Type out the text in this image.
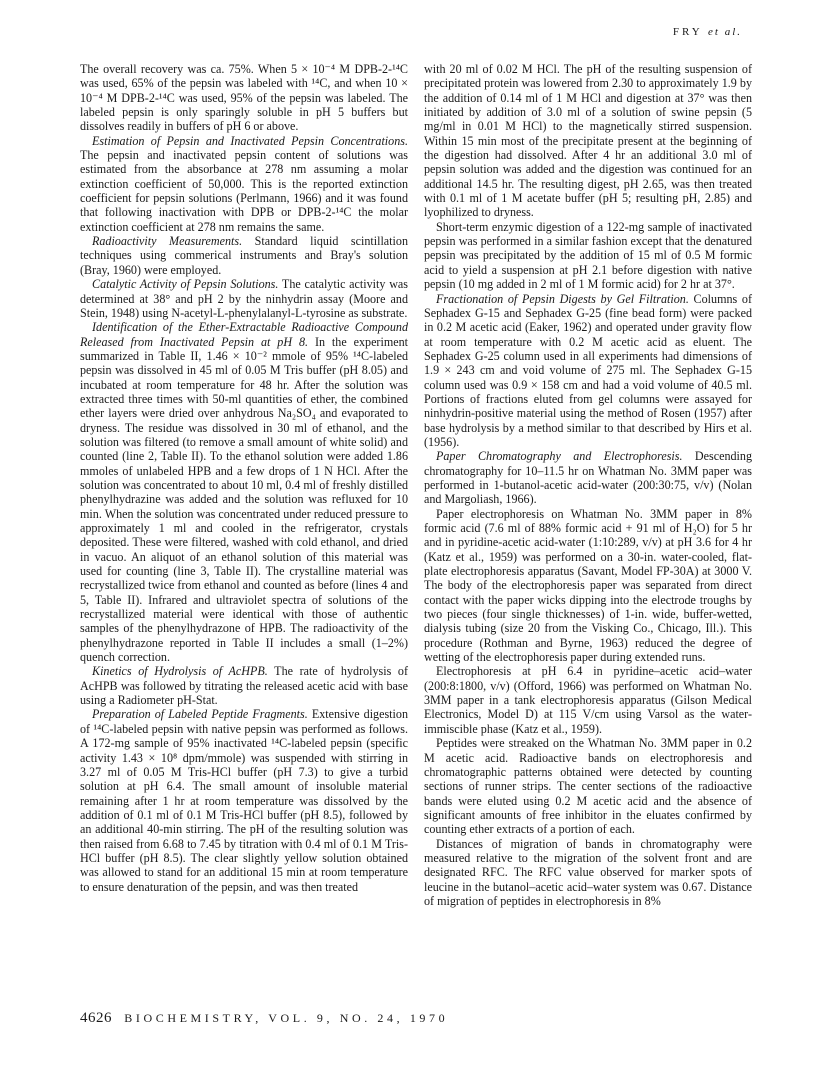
FRY et al.

The overall recovery was ca. 75%. When 5 × 10⁻⁴ M DPB-2-¹⁴C was used, 65% of the pepsin was labeled with ¹⁴C, and when 10 × 10⁻⁴ M DPB-2-¹⁴C was used, 95% of the pepsin was labeled. The labeled pepsin is only sparingly soluble in pH 5 buffers but dissolves readily in buffers of pH 6 or above.

Estimation of Pepsin and Inactivated Pepsin Concentrations. The pepsin and inactivated pepsin content of solutions was estimated from the absorbance at 278 nm assuming a molar extinction coefficient of 50,000. This is the reported extinction coefficient for pepsin solutions (Perlmann, 1966) and it was found that following inactivation with DPB or DPB-2-¹⁴C the molar extinction coefficient at 278 nm remains the same.

Radioactivity Measurements. Standard liquid scintillation techniques using commerical instruments and Bray's solution (Bray, 1960) were employed.

Catalytic Activity of Pepsin Solutions. The catalytic activity was determined at 38° and pH 2 by the ninhydrin assay (Moore and Stein, 1948) using N-acetyl-L-phenylalanyl-L-tyrosine as substrate.

Identification of the Ether-Extractable Radioactive Compound Released from Inactivated Pepsin at pH 8. In the experiment summarized in Table II, 1.46 × 10⁻² mmole of 95% ¹⁴C-labeled pepsin was dissolved in 45 ml of 0.05 M Tris buffer (pH 8.05) and incubated at room temperature for 48 hr. After the solution was extracted three times with 50-ml quantities of ether, the combined ether layers were dried over anhydrous Na₂SO₄ and evaporated to dryness. The residue was dissolved in 30 ml of ethanol, and the solution was filtered (to remove a small amount of white solid) and counted (line 2, Table II). To the ethanol solution were added 1.86 mmoles of unlabeled HPB and a few drops of 1 N HCl. After the solution was concentrated to about 10 ml, 0.4 ml of freshly distilled phenylhydrazine was added and the solution was refluxed for 10 min. When the solution was concentrated under reduced pressure to approximately 1 ml and cooled in the refrigerator, crystals deposited. These were filtered, washed with cold ethanol, and dried in vacuo. An aliquot of an ethanol solution of this material was used for counting (line 3, Table II). The crystalline material was recrystallized twice from ethanol and counted as before (lines 4 and 5, Table II). Infrared and ultraviolet spectra of solutions of the recrystallized material were identical with those of authentic samples of the phenylhydrazone of HPB. The radioactivity of the phenylhydrazone reported in Table II includes a small (1–2%) quench correction.

Kinetics of Hydrolysis of AcHPB. The rate of hydrolysis of AcHPB was followed by titrating the released acetic acid with base using a Radiometer pH-Stat.

Preparation of Labeled Peptide Fragments. Extensive digestion of ¹⁴C-labeled pepsin with native pepsin was performed as follows. A 172-mg sample of 95% inactivated ¹⁴C-labeled pepsin (specific activity 1.43 × 10⁸ dpm/mmole) was suspended with stirring in 3.27 ml of 0.05 M Tris-HCl buffer (pH 7.3) to give a turbid solution at pH 6.4. The small amount of insoluble material remaining after 1 hr at room temperature was dissolved by the addition of 0.1 ml of 0.1 M Tris-HCl buffer (pH 8.5), followed by an additional 40-min stirring. The pH of the resulting solution was then raised from 6.68 to 7.45 by titration with 0.4 ml of 0.1 M Tris-HCl buffer (pH 8.5). The clear slightly yellow solution obtained was allowed to stand for an additional 15 min at room temperature to ensure denaturation of the pepsin, and was then treated

with 20 ml of 0.02 M HCl. The pH of the resulting suspension of precipitated protein was lowered from 2.30 to approximately 1.9 by the addition of 0.14 ml of 1 M HCl and digestion at 37° was then initiated by addition of 3.0 ml of a solution of swine pepsin (5 mg/ml in 0.01 M HCl) to the magnetically stirred suspension. Within 15 min most of the precipitate present at the beginning of the digestion had dissolved. After 4 hr an additional 3.0 ml of pepsin solution was added and the digestion was continued for an additional 14.5 hr. The resulting digest, pH 2.65, was then treated with 0.1 ml of 1 M acetate buffer (pH 5; resulting pH, 2.85) and lyophilized to dryness.

Short-term enzymic digestion of a 122-mg sample of inactivated pepsin was performed in a similar fashion except that the denatured pepsin was precipitated by the addition of 15 ml of 0.5 M formic acid to yield a suspension at pH 2.1 before digestion with native pepsin (10 mg added in 2 ml of 1 M formic acid) for 2 hr at 37°.

Fractionation of Pepsin Digests by Gel Filtration. Columns of Sephadex G-15 and Sephadex G-25 (fine bead form) were packed in 0.2 M acetic acid (Eaker, 1962) and operated under gravity flow at room temperature with 0.2 M acetic acid as eluent. The Sephadex G-25 column used in all experiments had dimensions of 1.9 × 243 cm and void volume of 275 ml. The Sephadex G-15 column used was 0.9 × 158 cm and had a void volume of 40.5 ml. Portions of fractions eluted from gel columns were assayed for ninhydrin-positive material using the method of Rosen (1957) after base hydrolysis by a method similar to that described by Hirs et al. (1956).

Paper Chromatography and Electrophoresis. Descending chromatography for 10–11.5 hr on Whatman No. 3MM paper was performed in 1-butanol-acetic acid-water (200:30:75, v/v) (Nolan and Margoliash, 1966).

Paper electrophoresis on Whatman No. 3MM paper in 8% formic acid (7.6 ml of 88% formic acid + 91 ml of H₂O) for 5 hr and in pyridine-acetic acid-water (1:10:289, v/v) at pH 3.6 for 4 hr (Katz et al., 1959) was performed on a 30-in. water-cooled, flat-plate electrophoresis apparatus (Savant, Model FP-30A) at 3000 V. The body of the electrophoresis paper was separated from direct contact with the paper wicks dipping into the electrode troughs by two pieces (four single thicknesses) of 1-in. wide, buffer-wetted, dialysis tubing (size 20 from the Visking Co., Chicago, Ill.). This procedure (Rothman and Byrne, 1963) reduced the degree of wetting of the electrophoresis paper during extended runs.

Electrophoresis at pH 6.4 in pyridine–acetic acid–water (200:8:1800, v/v) (Offord, 1966) was performed on Whatman No. 3MM paper in a tank electrophoresis apparatus (Gilson Medical Electronics, Model D) at 115 V/cm using Varsol as the water-immiscible phase (Katz et al., 1959).

Peptides were streaked on the Whatman No. 3MM paper in 0.2 M acetic acid. Radioactive bands on electrophoresis and chromatographic patterns obtained were detected by counting sections of runner strips. The center sections of the radioactive bands were eluted using 0.2 M acetic acid and the absence of significant amounts of free inhibitor in the eluates confirmed by counting ether extracts of a portion of each.

Distances of migration of bands in chromatography were measured relative to the migration of the solvent front and are designated RFC. The RFC value observed for marker spots of leucine in the butanol–acetic acid–water system was 0.67. Distance of migration of peptides in electrophoresis in 8%

4626 BIOCHEMISTRY, VOL. 9, NO. 24, 1970
